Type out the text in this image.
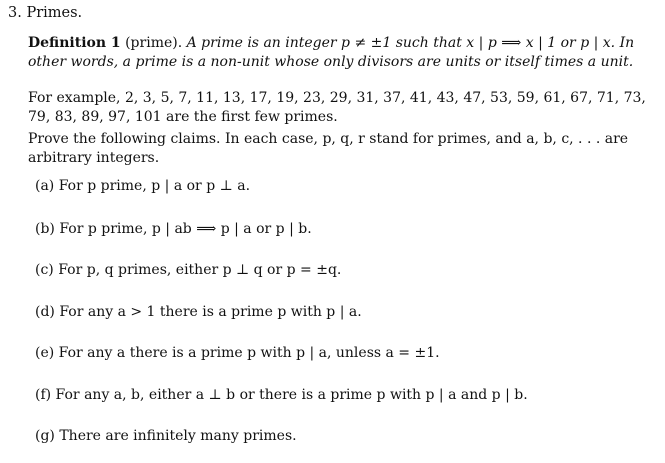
3. Primes.
Definition 1 (prime). A prime is an integer p ≠ ±1 such that x | p ⟹ x | 1 or p | x. In other words, a prime is a non-unit whose only divisors are units or itself times a unit.
For example, 2, 3, 5, 7, 11, 13, 17, 19, 23, 29, 31, 37, 41, 43, 47, 53, 59, 61, 67, 71, 73, 79, 83, 89, 97, 101 are the first few primes.
Prove the following claims. In each case, p, q, r stand for primes, and a, b, c, . . . are arbitrary integers.
(a) For p prime, p | a or p ⊥ a.
(b) For p prime, p | ab ⟹ p | a or p | b.
(c) For p, q primes, either p ⊥ q or p = ±q.
(d) For any a > 1 there is a prime p with p | a.
(e) For any a there is a prime p with p | a, unless a = ±1.
(f) For any a, b, either a ⊥ b or there is a prime p with p | a and p | b.
(g) There are infinitely many primes.
